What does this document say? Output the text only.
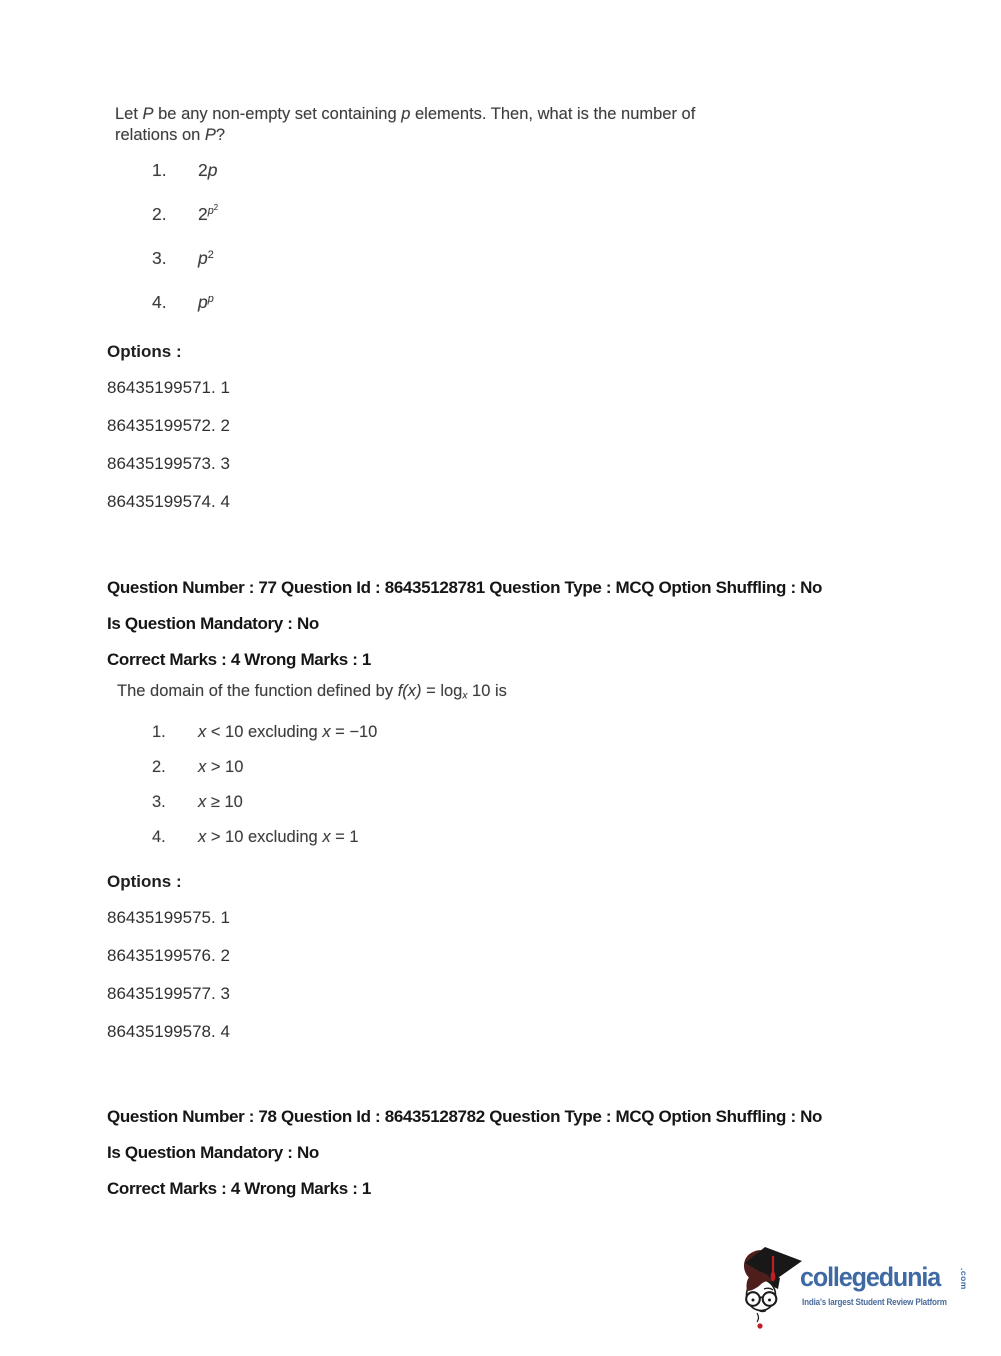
Let P be any non-empty set containing p elements. Then, what is the number of
relations on P?
1.	2p
2.	$2^{p^2}$
3.	$p^2$
4.	$p^p$
Options :
86435199571. 1
86435199572. 2
86435199573. 3
86435199574. 4

Question Number : 77 Question Id : 86435128781 Question Type : MCQ Option Shuffling : No

Is Question Mandatory : No

Correct Marks : 4 Wrong Marks : 1

The domain of the function defined by $f(x) = \log_x 10$ is
1.	x < 10 excluding x = −10
2.	x > 10
3.	x ≥ 10
4.	x > 10 excluding x = 1
Options :
86435199575. 1
86435199576. 2
86435199577. 3
86435199578. 4

Question Number : 78 Question Id : 86435128782 Question Type : MCQ Option Shuffling : No

Is Question Mandatory : No

Correct Marks : 4 Wrong Marks : 1

collegedunia .com
India's largest Student Review Platform
